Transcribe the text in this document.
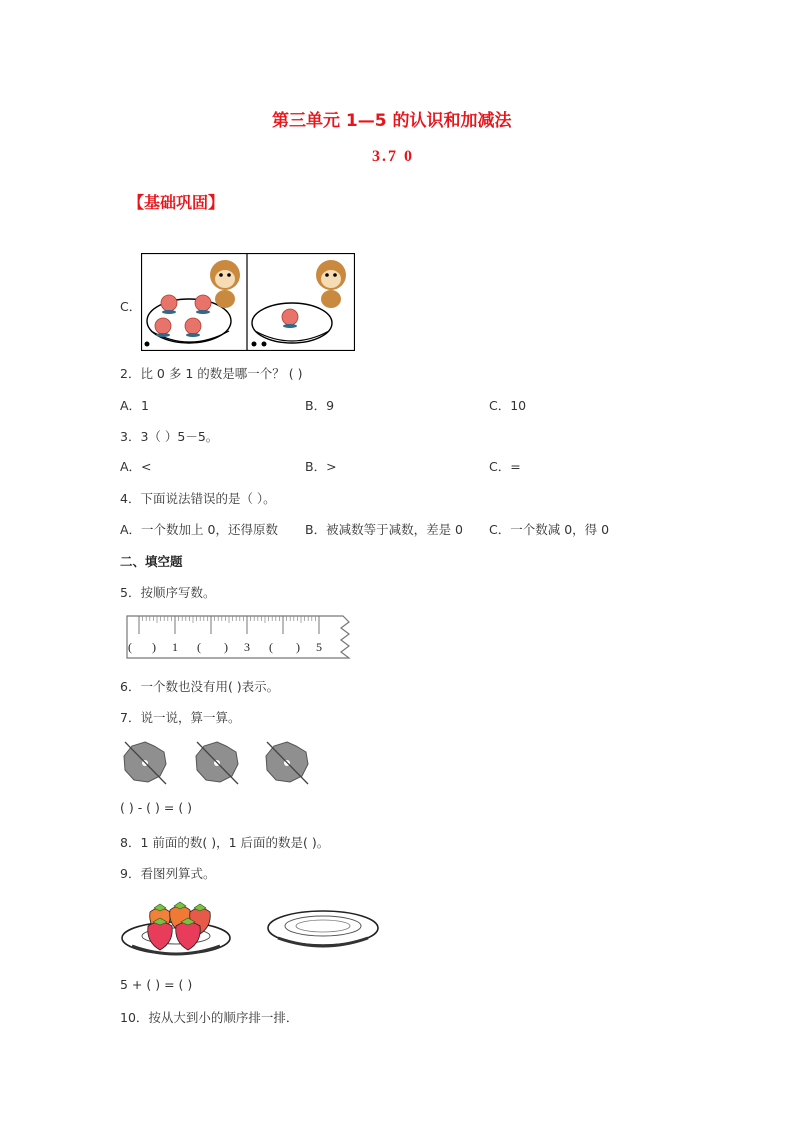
第三单元 1—5 的认识和加减法
3.7 0
【基础巩固】
C．
2．比 0 多 1 的数是哪一个？ ( )
A．1	B．9	C．10
3．3（ ）5－5。
A．<	B．>	C．=
4．下面说法错误的是（ ）。
A．一个数加上 0，还得原数 B．被减数等于减数，差是 0 C．一个数减 0，得 0
二、填空题
5．按顺序写数。
( ) 1 ( ) 3 ( ) 5
6．一个数也没有用( )表示。
7．说一说，算一算。
( ) - ( ) = ( )
8．1 前面的数( )，1 后面的数是( )。
9．看图列算式。
5 + ( ) = ( )
10．按从大到小的顺序排一排．
